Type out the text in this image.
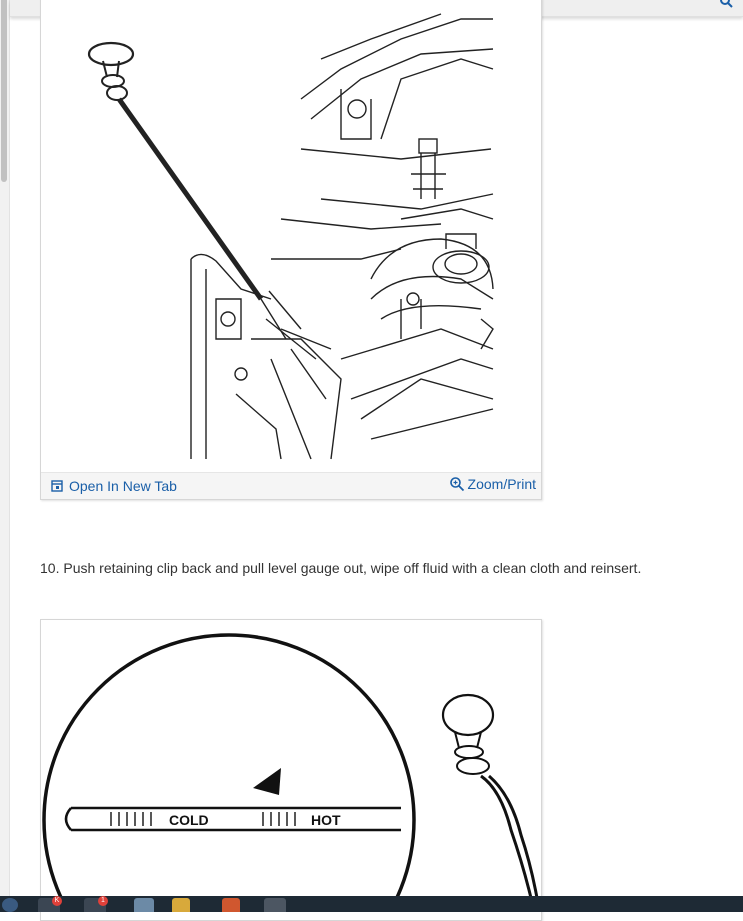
Open In New Tab	Zoom/Print
10. Push retaining clip back and pull level gauge out, wipe off fluid with a clean cloth and reinsert.
COLD	HOT
K	1
